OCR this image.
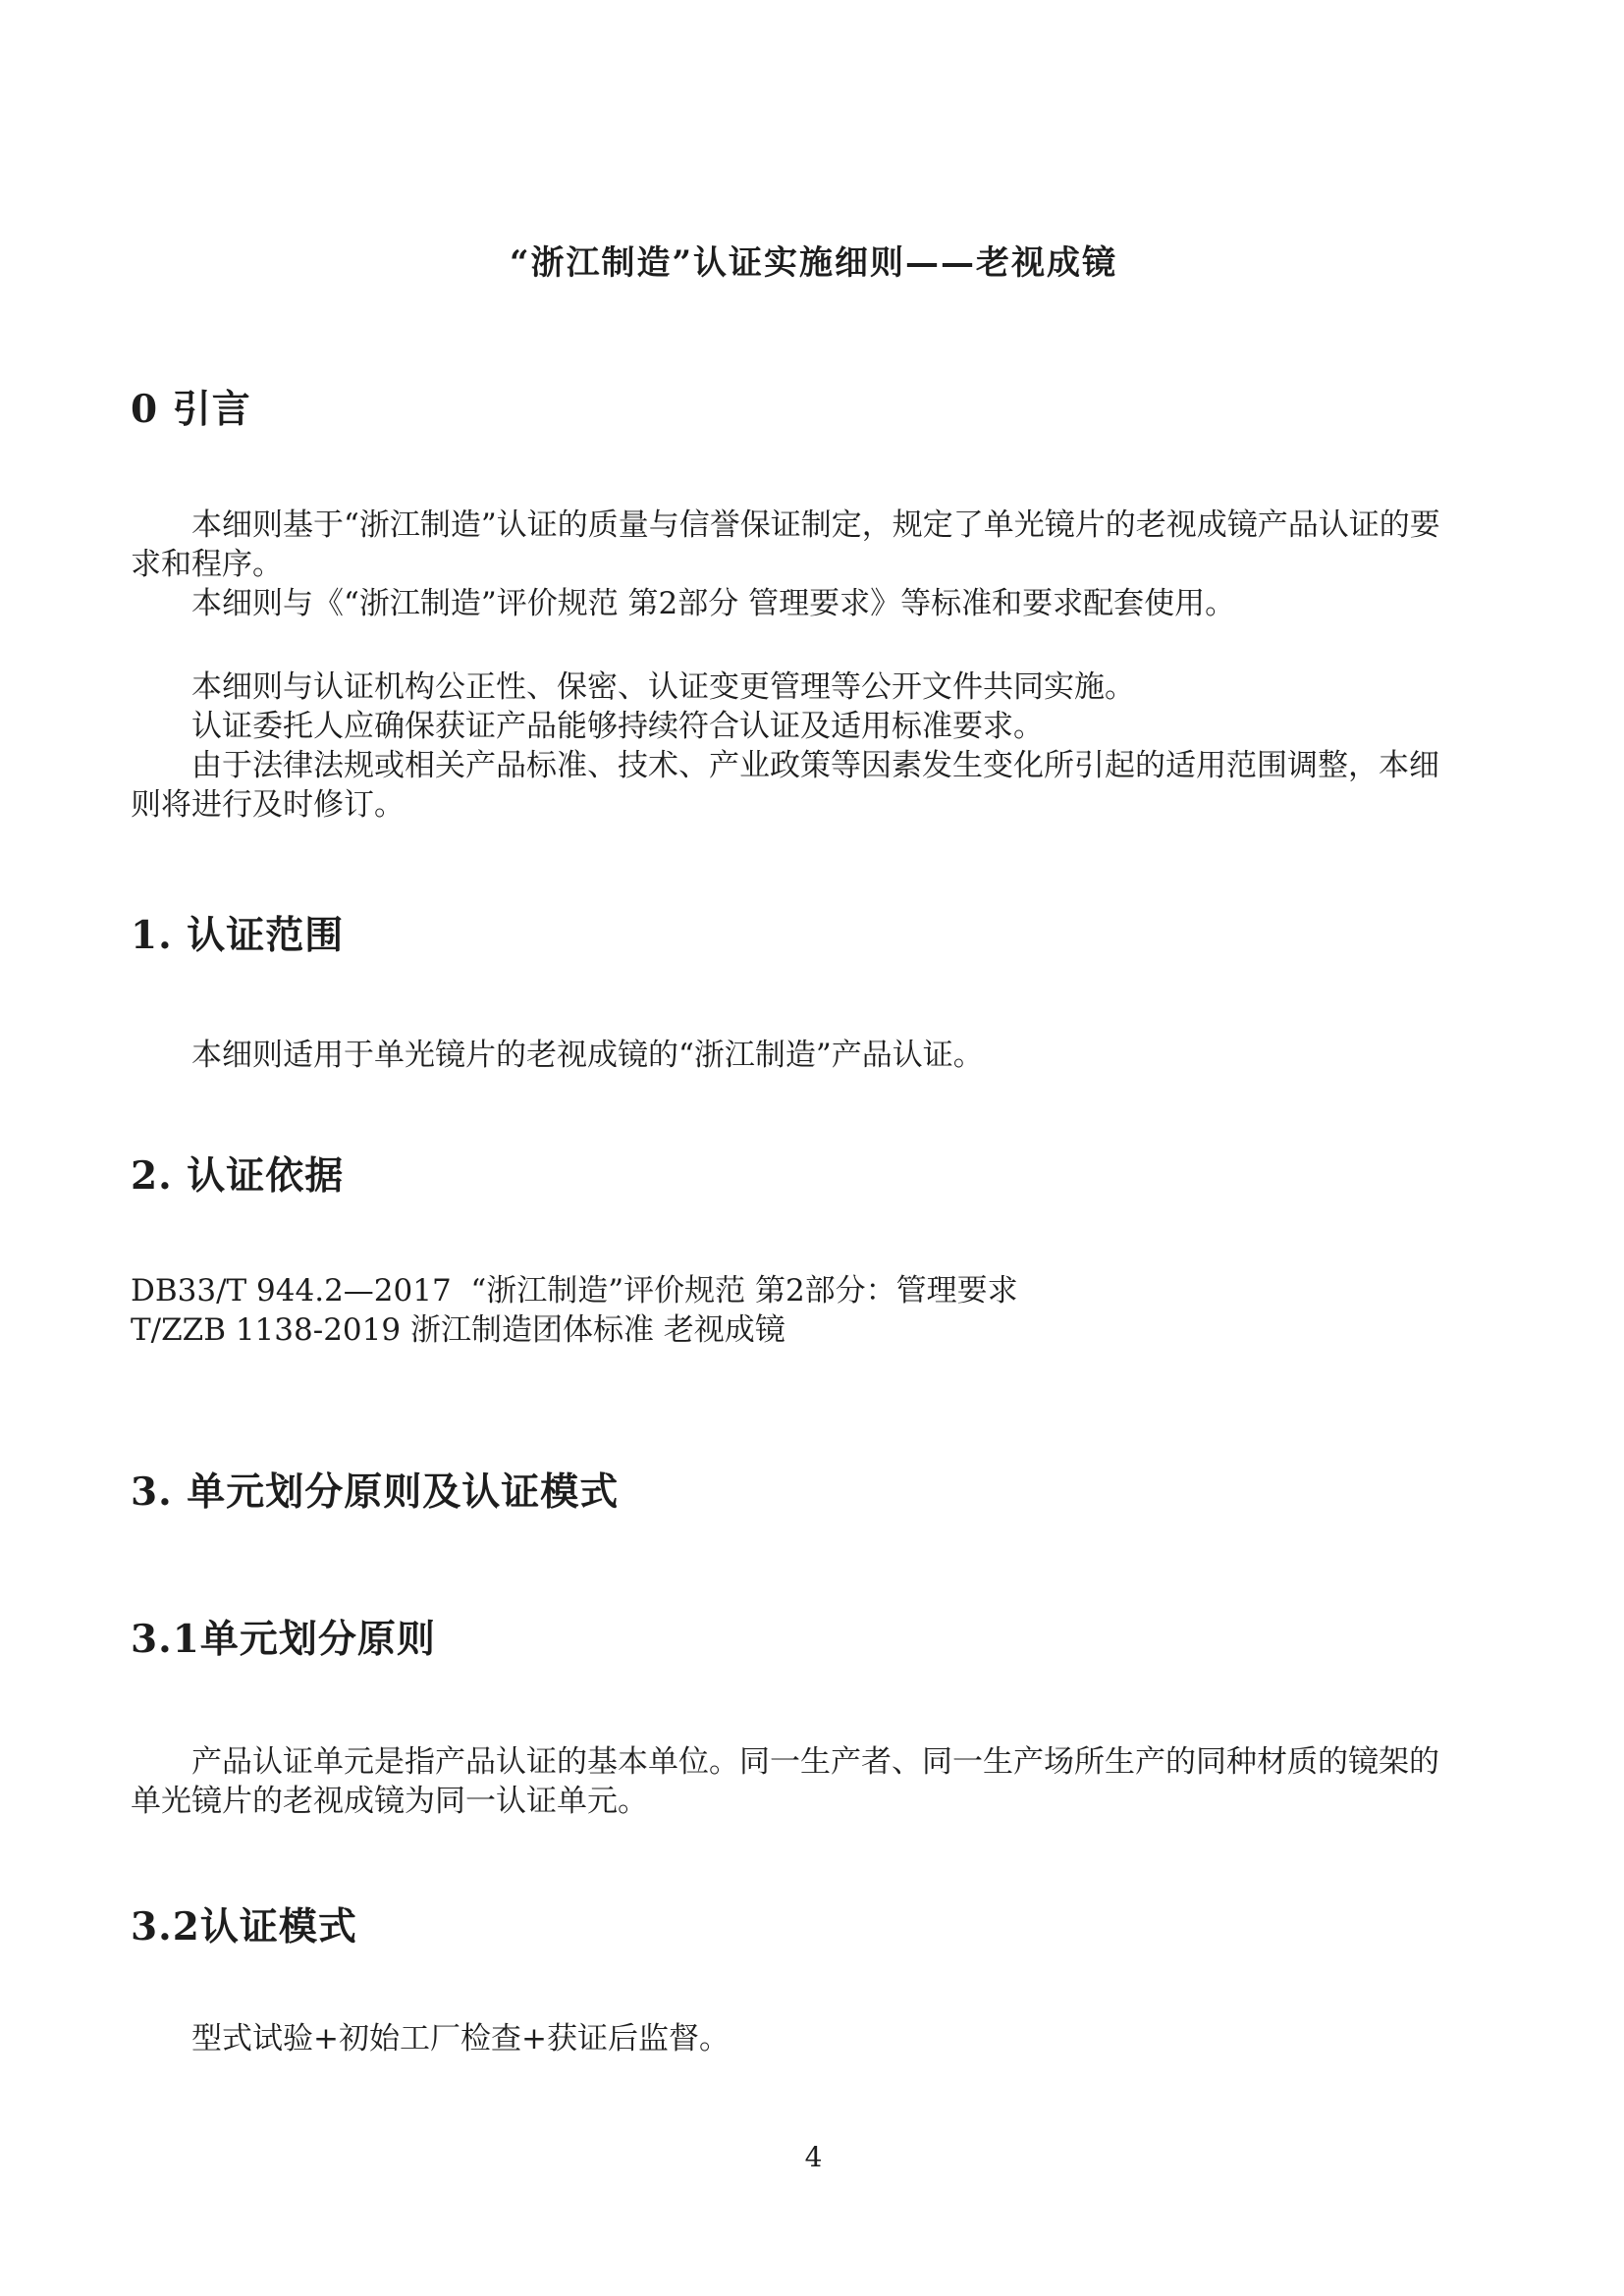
“浙江制造”认证实施细则——老视成镜
0 引言

本细则基于“浙江制造”认证的质量与信誉保证制定，规定了单光镜片的老视成镜产品认证的要求和程序。

本细则与《“浙江制造”评价规范 第2部分 管理要求》等标准和要求配套使用。

本细则与认证机构公正性、保密、认证变更管理等公开文件共同实施。

认证委托人应确保获证产品能够持续符合认证及适用标准要求。

由于法律法规或相关产品标准、技术、产业政策等因素发生变化所引起的适用范围调整，本细则将进行及时修订。

1. 认证范围

本细则适用于单光镜片的老视成镜的“浙江制造”产品认证。

2. 认证依据

DB33/T 944.2—2017  “浙江制造”评价规范 第2部分：管理要求

T/ZZB 1138-2019 浙江制造团体标准 老视成镜

3. 单元划分原则及认证模式
3.1单元划分原则

产品认证单元是指产品认证的基本单位。同一生产者、同一生产场所生产的同种材质的镜架的单光镜片的老视成镜为同一认证单元。

3.2认证模式

型式试验+初始工厂检查+获证后监督。

4
